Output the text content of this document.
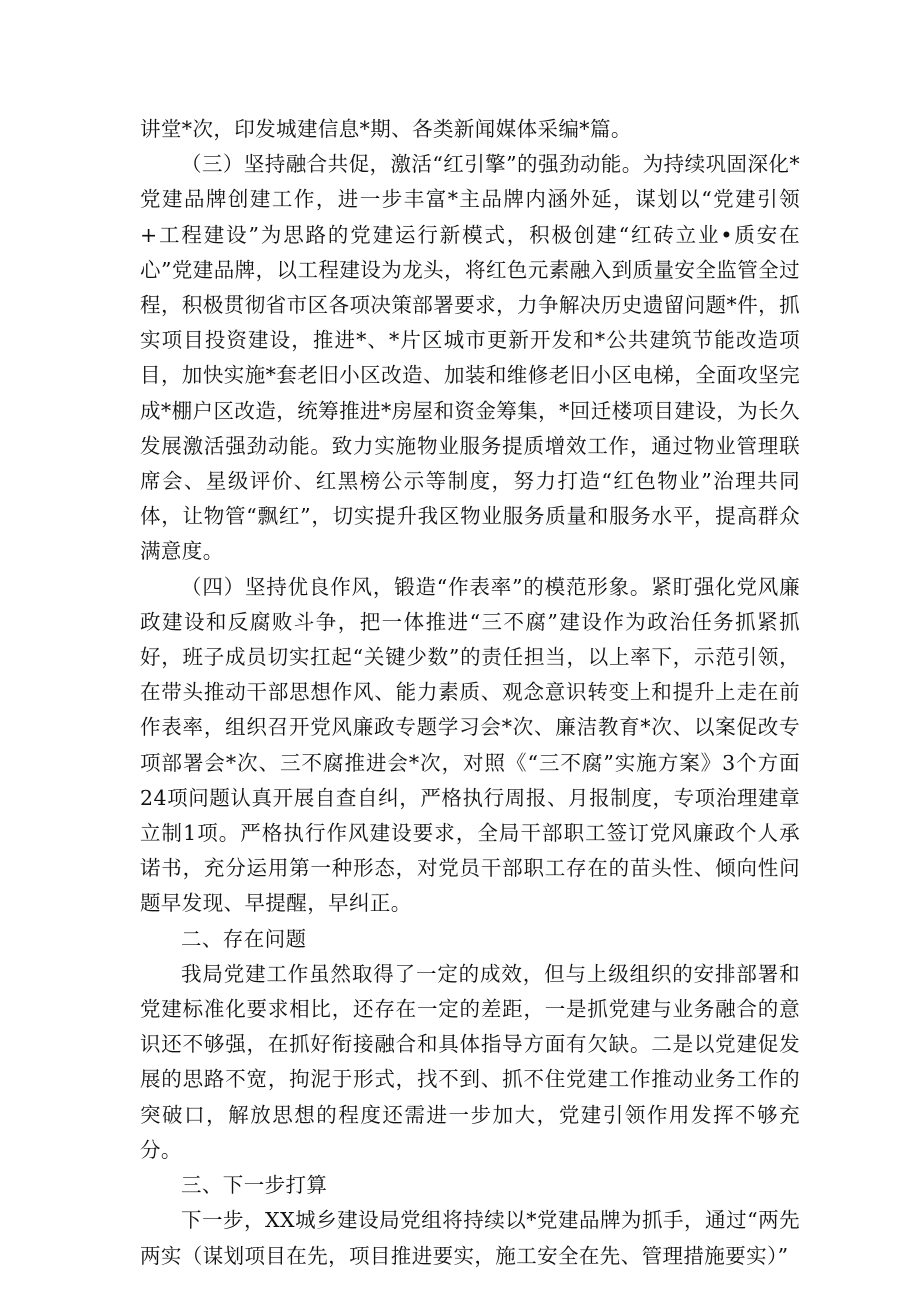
讲堂*次，印发城建信息*期、各类新闻媒体采编*篇。

（三）坚持融合共促，激活“红引擎”的强劲动能。为持续巩固深化*党建品牌创建工作，进一步丰富*主品牌内涵外延，谋划以“党建引领+工程建设”为思路的党建运行新模式，积极创建“红砖立业•质安在心”党建品牌，以工程建设为龙头，将红色元素融入到质量安全监管全过程，积极贯彻省市区各项决策部署要求，力争解决历史遗留问题*件，抓实项目投资建设，推进*、*片区城市更新开发和*公共建筑节能改造项目，加快实施*套老旧小区改造、加装和维修老旧小区电梯，全面攻坚完成*棚户区改造，统筹推进*房屋和资金筹集，*回迁楼项目建设，为长久发展激活强劲动能。致力实施物业服务提质增效工作，通过物业管理联席会、星级评价、红黑榜公示等制度，努力打造“红色物业”治理共同体，让物管“飘红”，切实提升我区物业服务质量和服务水平，提高群众满意度。

（四）坚持优良作风，锻造“作表率”的模范形象。紧盯强化党风廉政建设和反腐败斗争，把一体推进“三不腐”建设作为政治任务抓紧抓好，班子成员切实扛起“关键少数”的责任担当，以上率下，示范引领，在带头推动干部思想作风、能力素质、观念意识转变上和提升上走在前作表率，组织召开党风廉政专题学习会*次、廉洁教育*次、以案促改专项部署会*次、三不腐推进会*次，对照《“三不腐”实施方案》3个方面24项问题认真开展自查自纠，严格执行周报、月报制度，专项治理建章立制1项。严格执行作风建设要求，全局干部职工签订党风廉政个人承诺书，充分运用第一种形态，对党员干部职工存在的苗头性、倾向性问题早发现、早提醒，早纠正。

二、存在问题

我局党建工作虽然取得了一定的成效，但与上级组织的安排部署和党建标准化要求相比，还存在一定的差距，一是抓党建与业务融合的意识还不够强，在抓好衔接融合和具体指导方面有欠缺。二是以党建促发展的思路不宽，拘泥于形式，找不到、抓不住党建工作推动业务工作的突破口，解放思想的程度还需进一步加大，党建引领作用发挥不够充分。

三、下一步打算

下一步，XX城乡建设局党组将持续以*党建品牌为抓手，通过“两先两实（谋划项目在先，项目推进要实，施工安全在先、管理措施要实）”
